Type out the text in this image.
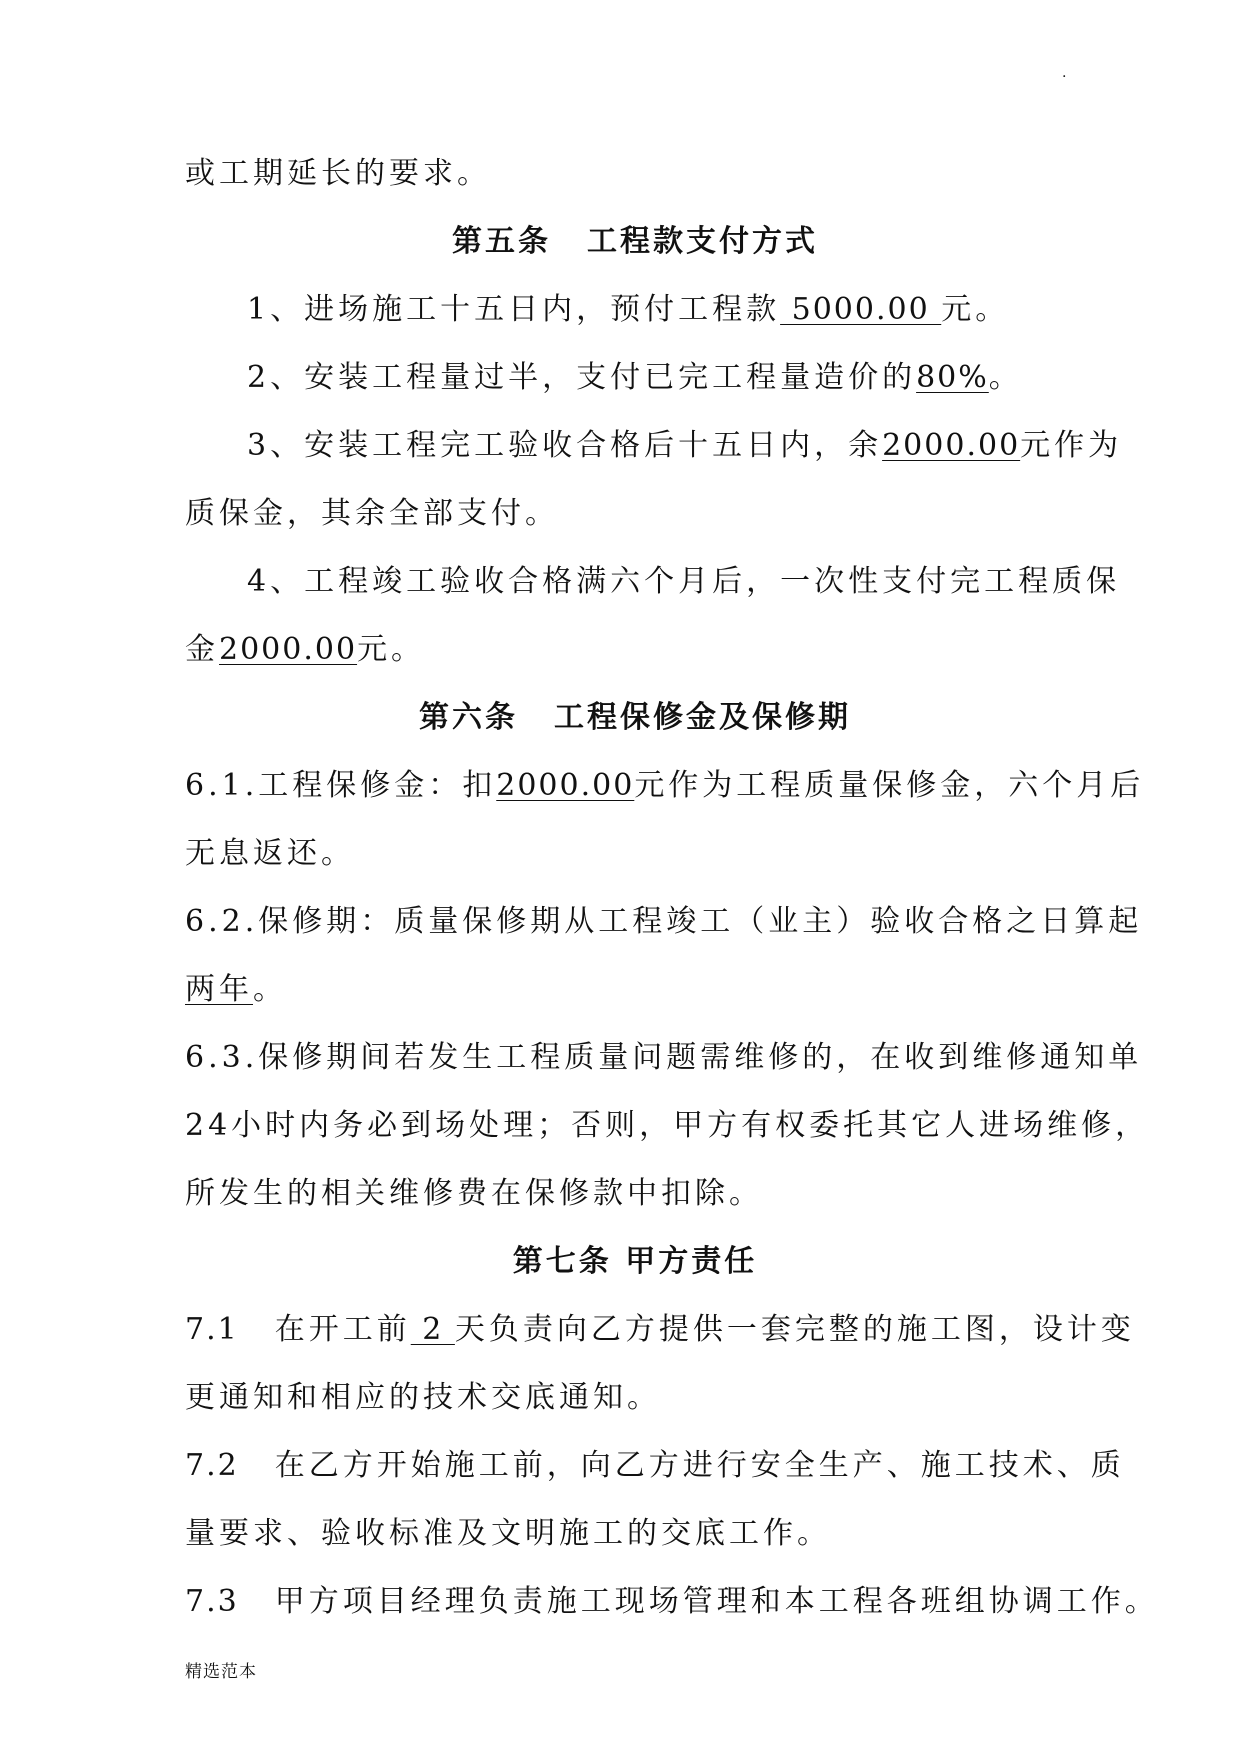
.
或工期延长的要求。
第五条 工程款支付方式
1、进场施工十五日内，预付工程款 5000.00 元。
2、安装工程量过半，支付已完工程量造价的80%。
3、安装工程完工验收合格后十五日内，余2000.00元作为
质保金，其余全部支付。
4、工程竣工验收合格满六个月后，一次性支付完工程质保
金2000.00元。
第六条 工程保修金及保修期
6.1.工程保修金：扣2000.00元作为工程质量保修金，六个月后
无息返还。
6.2.保修期：质量保修期从工程竣工（业主）验收合格之日算起
两年。
6.3.保修期间若发生工程质量问题需维修的，在收到维修通知单
24小时内务必到场处理；否则，甲方有权委托其它人进场维修，
所发生的相关维修费在保修款中扣除。
第七条 甲方责任
7.1 在开工前 2 天负责向乙方提供一套完整的施工图，设计变
更通知和相应的技术交底通知。
7.2 在乙方开始施工前，向乙方进行安全生产、施工技术、质
量要求、验收标准及文明施工的交底工作。
7.3 甲方项目经理负责施工现场管理和本工程各班组协调工作。
精选范本
